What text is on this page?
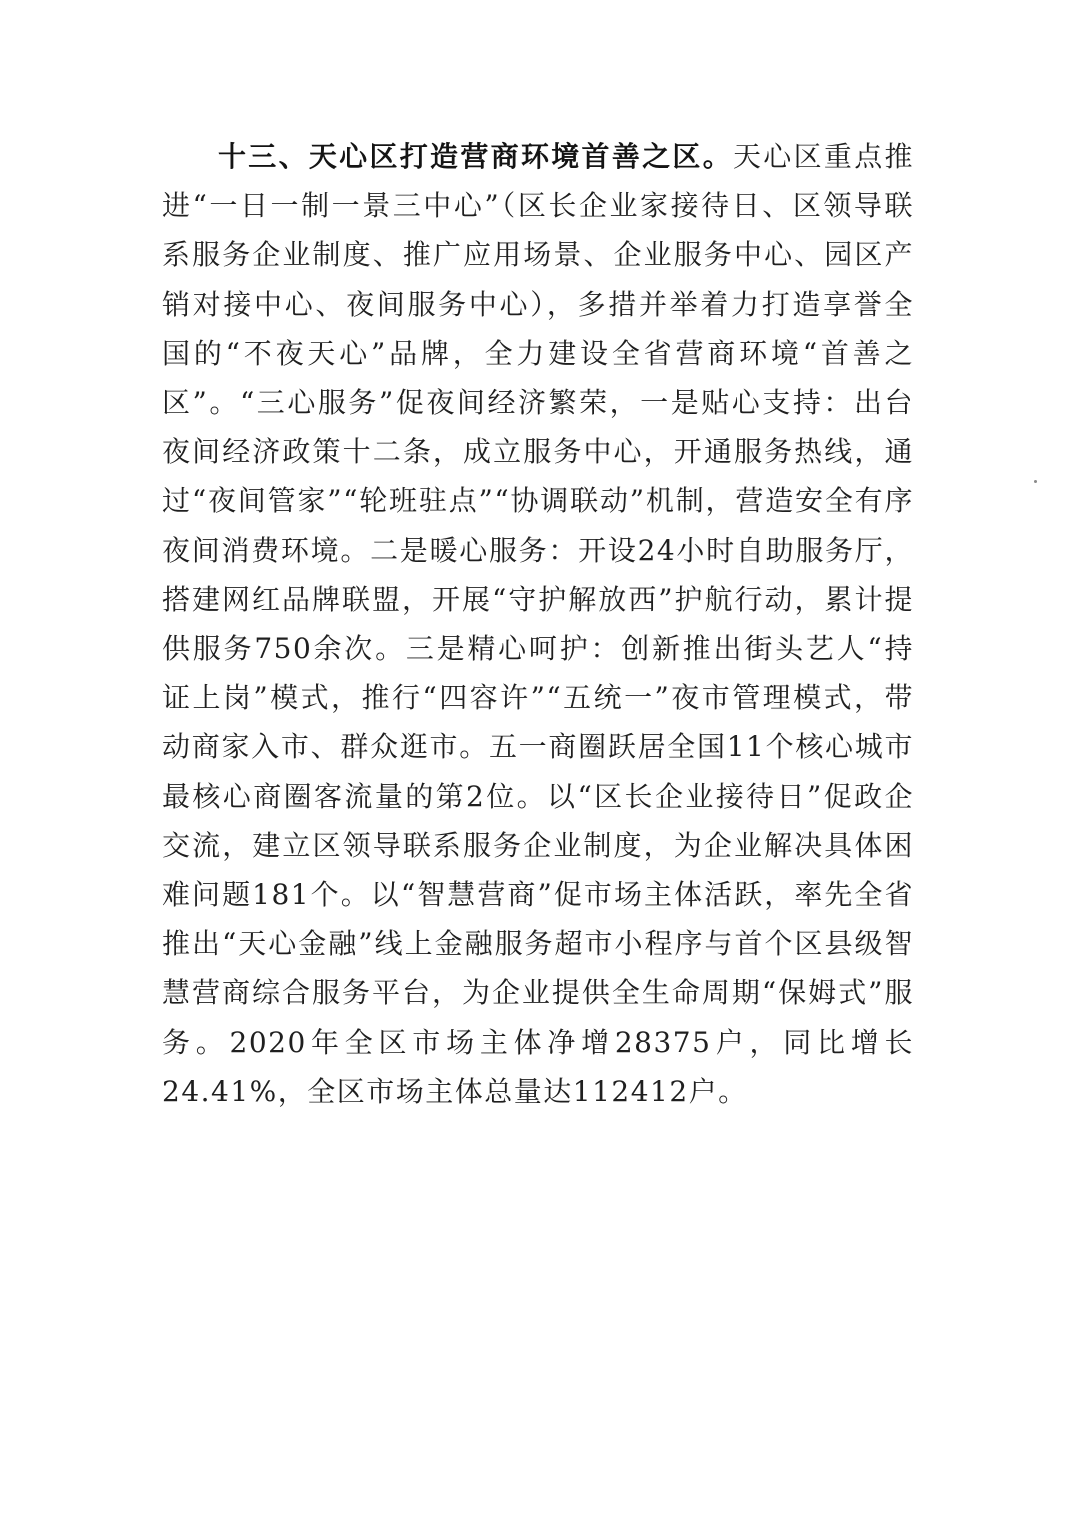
十三、天心区打造营商环境首善之区。天心区重点推进“一日一制一景三中心”（区长企业家接待日、区领导联系服务企业制度、推广应用场景、企业服务中心、园区产销对接中心、夜间服务中心），多措并举着力打造享誉全国的“不夜天心”品牌，全力建设全省营商环境“首善之区”。“三心服务”促夜间经济繁荣，一是贴心支持：出台夜间经济政策十二条，成立服务中心，开通服务热线，通过“夜间管家”“轮班驻点”“协调联动”机制，营造安全有序夜间消费环境。二是暖心服务：开设24小时自助服务厅，搭建网红品牌联盟，开展“守护解放西”护航行动，累计提供服务750余次。三是精心呵护：创新推出街头艺人“持证上岗”模式，推行“四容许”“五统一”夜市管理模式，带动商家入市、群众逛市。五一商圈跃居全国11个核心城市最核心商圈客流量的第2位。以“区长企业接待日”促政企交流，建立区领导联系服务企业制度，为企业解决具体困难问题181个。以“智慧营商”促市场主体活跃，率先全省推出“天心金融”线上金融服务超市小程序与首个区县级智慧营商综合服务平台，为企业提供全生命周期“保姆式”服务。2020年全区市场主体净增28375户，同比增长24.41%，全区市场主体总量达112412户。
